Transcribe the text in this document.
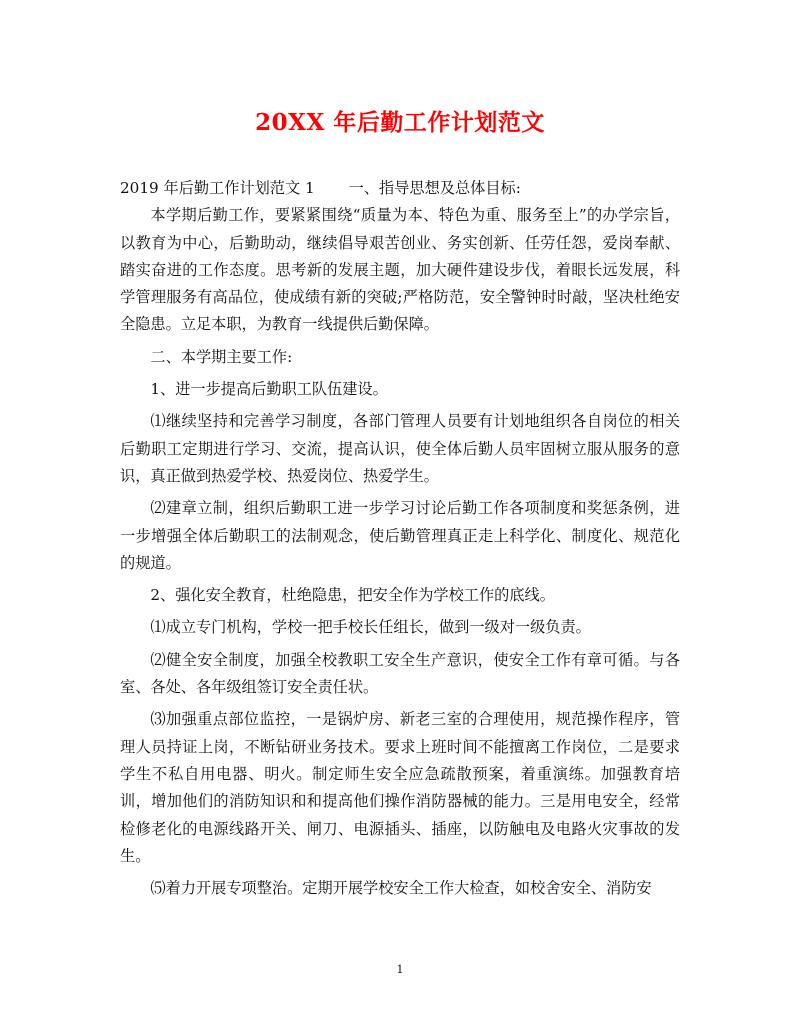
20XX 年后勤工作计划范文
2019 年后勤工作计划范文 1 一、指导思想及总体目标:

本学期后勤工作，要紧紧围绕“质量为本、特色为重、服务至上”的办学宗旨，以教育为中心，后勤助动，继续倡导艰苦创业、务实创新、任劳任怨，爱岗奉献、踏实奋进的工作态度。思考新的发展主题，加大硬件建设步伐，着眼长远发展，科学管理服务有高品位，使成绩有新的突破;严格防范，安全警钟时时敲，坚决杜绝安全隐患。立足本职，为教育一线提供后勤保障。

二、本学期主要工作:

1、进一步提高后勤职工队伍建设。

⑴继续坚持和完善学习制度，各部门管理人员要有计划地组织各自岗位的相关后勤职工定期进行学习、交流，提高认识，使全体后勤人员牢固树立服从服务的意识，真正做到热爱学校、热爱岗位、热爱学生。

⑵建章立制，组织后勤职工进一步学习讨论后勤工作各项制度和奖惩条例，进一步增强全体后勤职工的法制观念，使后勤管理真正走上科学化、制度化、规范化的规道。

2、强化安全教育，杜绝隐患，把安全作为学校工作的底线。

⑴成立专门机构，学校一把手校长任组长，做到一级对一级负责。

⑵健全安全制度，加强全校教职工安全生产意识，使安全工作有章可循。与各室、各处、各年级组签订安全责任状。

⑶加强重点部位监控，一是锅炉房、新老三室的合理使用，规范操作程序，管理人员持证上岗，不断钻研业务技术。要求上班时间不能擅离工作岗位，二是要求学生不私自用电器、明火。制定师生安全应急疏散预案，着重演练。加强教育培训，增加他们的消防知识和和提高他们操作消防器械的能力。三是用电安全，经常检修老化的电源线路开关、闸刀、电源插头、插座，以防触电及电路火灾事故的发生。

⑸着力开展专项整治。定期开展学校安全工作大检查，如校舍安全、消防安

1
